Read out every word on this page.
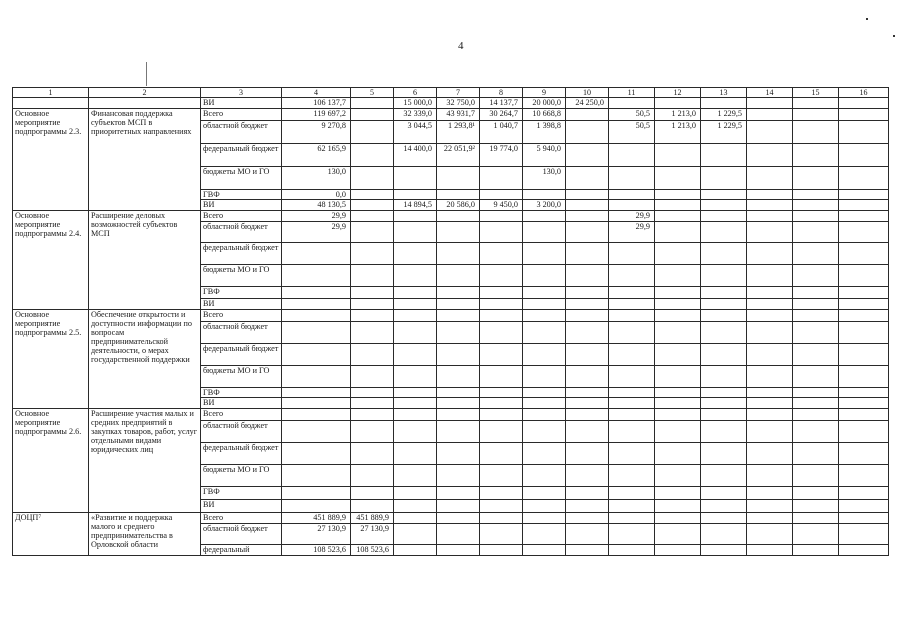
4
1	2	3	4	5	6	7	8	9	10	11	12	13	14	15	16	
		ВИ	106 137,7		15 000,0	32 750,0	14 137,7	20 000,0	24 250,0							
Основное мероприятие подпрограммы 2.3.	Финансовая поддержка субъектов МСП в приоритетных направлениях	Всего	119 697,2		32 339,0	43 931,7	30 264,7	10 668,8		50,5	1 213,0	1 229,5				
		областной бюджет	9 270,8		3 044,5	1 293,8¹	1 040,7	1 398,8		50,5	1 213,0	1 229,5				
		федеральный бюджет	62 165,9		14 400,0	22 051,9²	19 774,0	5 940,0								
		бюджеты МО и ГО	130,0					130,0								
		ГВФ	0,0													
		ВИ	48 130,5		14 894,5	20 586,0	9 450,0	3 200,0								
Основное мероприятие подпрограммы 2.4.	Расширение деловых возможностей субъектов МСП	Всего	29,9							29,9						
		областной бюджет	29,9							29,9						
		федеральный бюджет														
		бюджеты МО и ГО														
		ГВФ														
		ВИ														
Основное мероприятие подпрограммы 2.5.	Обеспечение открытости и доступности информации по вопросам предпринимательской деятельности, о мерах государственной поддержки	Всего														
		областной бюджет														
		федеральный бюджет														
		бюджеты МО и ГО														
		ГВФ														
		ВИ														
Основное мероприятие подпрограммы 2.6.	Расширение участия малых и средних предприятий в закупках товаров, работ, услуг отдельными видами юридических лиц	Всего														
		областной бюджет														
		федеральный бюджет														
		бюджеты МО и ГО														
		ГВФ														
		ВИ														
ДОЦП⁷	«Развитие и поддержка малого и среднего предпринимательства в Орловской области	Всего	451 889,9	451 889,9												
		областной бюджет	27 130,9	27 130,9												
		федеральный	108 523,6	108 523,6												
